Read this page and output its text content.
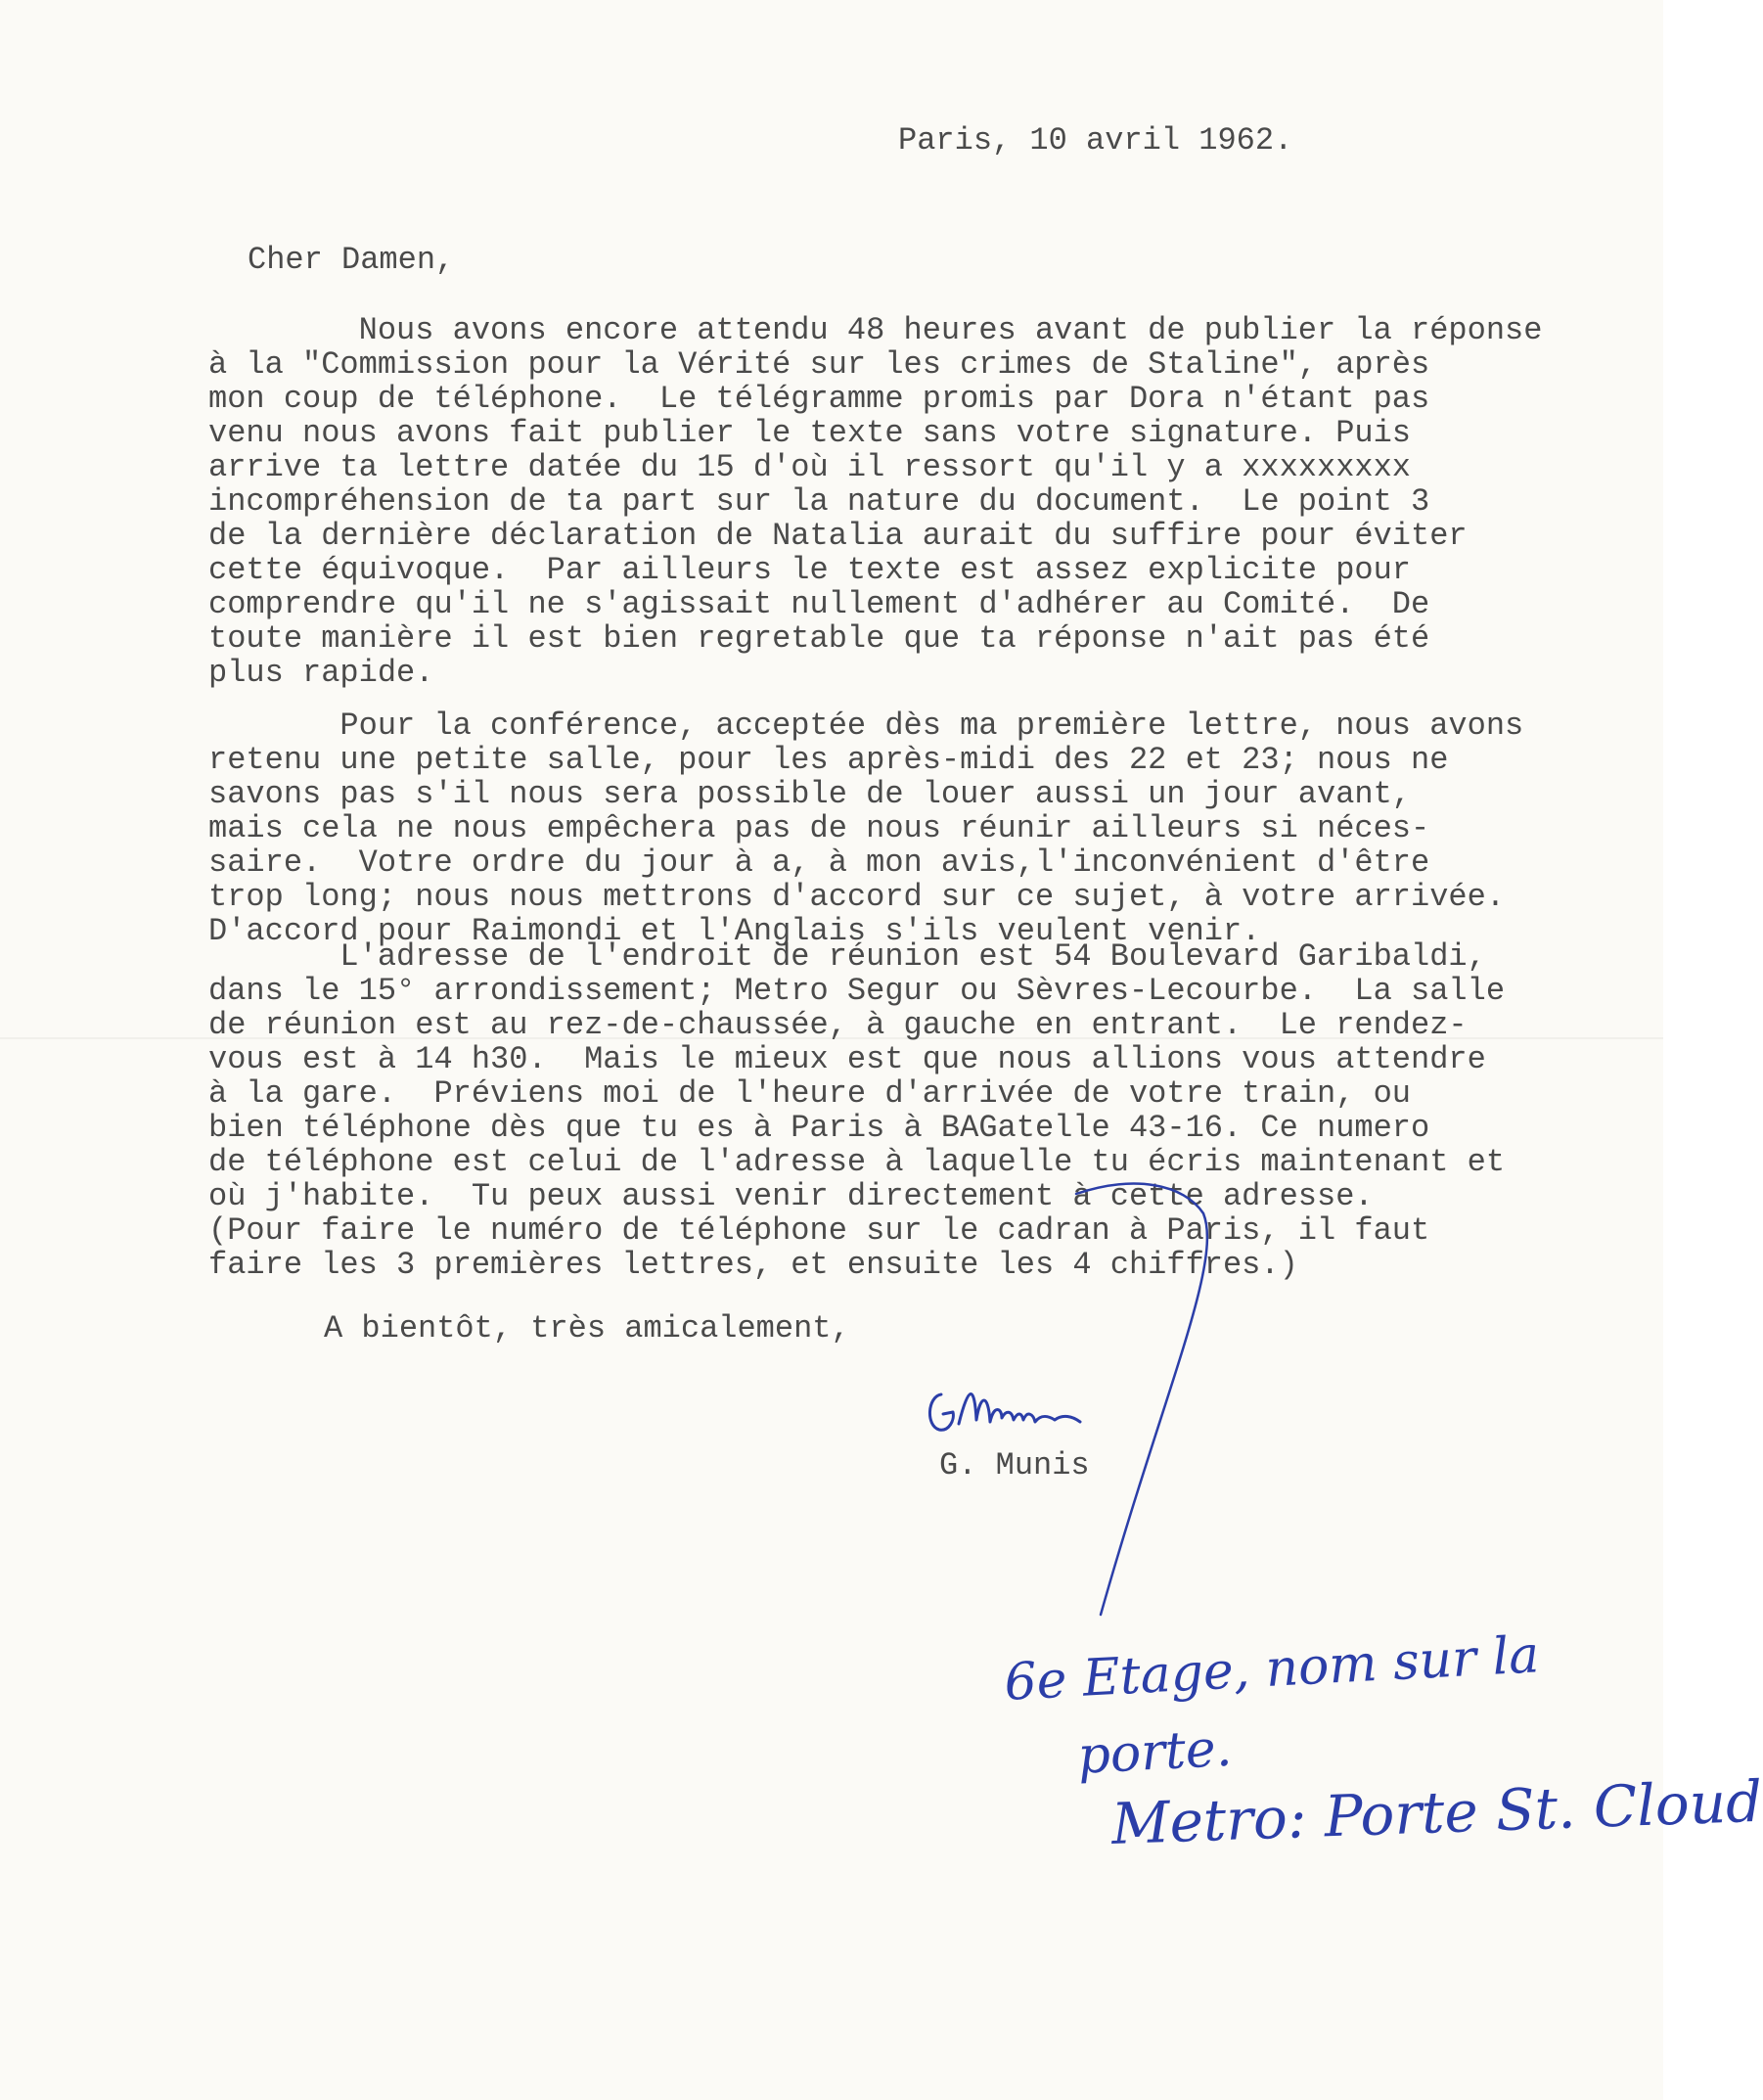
Paris, 10 avril 1962.

Cher Damen,

Nous avons encore attendu 48 heures avant de publier la réponse
à la "Commission pour la Vérité sur les crimes de Staline", après
mon coup de téléphone.  Le télégramme promis par Dora n'étant pas
venu nous avons fait publier le texte sans votre signature. Puis
arrive ta lettre datée du 15 d'où il ressort qu'il y a xxxxxxxxx
incompréhension de ta part sur la nature du document.  Le point 3
de la dernière déclaration de Natalia aurait du suffire pour éviter
cette équivoque.  Par ailleurs le texte est assez explicite pour
comprendre qu'il ne s'agissait nullement d'adhérer au Comité.  De
toute manière il est bien regretable que ta réponse n'ait pas été
plus rapide.

Pour la conférence, acceptée dès ma première lettre, nous avons
retenu une petite salle, pour les après-midi des 22 et 23; nous ne
savons pas s'il nous sera possible de louer aussi un jour avant,
mais cela ne nous empêchera pas de nous réunir ailleurs si néces-
saire.  Votre ordre du jour à a, à mon avis,l'inconvénient d'être
trop long; nous nous mettrons d'accord sur ce sujet, à votre arrivée.
D'accord pour Raimondi et l'Anglais s'ils veulent venir.

L'adresse de l'endroit de réunion est 54 Boulevard Garibaldi,
dans le 15° arrondissement; Metro Segur ou Sèvres-Lecourbe.  La salle
de réunion est au rez-de-chaussée, à gauche en entrant.  Le rendez-
vous est à 14 h30.  Mais le mieux est que nous allions vous attendre
à la gare.  Préviens moi de l'heure d'arrivée de votre train, ou
bien téléphone dès que tu es à Paris à BAGatelle 43-16. Ce numero
de téléphone est celui de l'adresse à laquelle tu écris maintenant et
où j'habite.  Tu peux aussi venir directement à cette adresse.
(Pour faire le numéro de téléphone sur le cadran à Paris, il faut
faire les 3 premières lettres, et ensuite les 4 chiffres.)

A bientôt, très amicalement,

G. Munis

6e Etage, nom sur la

porte.

Metro: Porte St. Cloud
